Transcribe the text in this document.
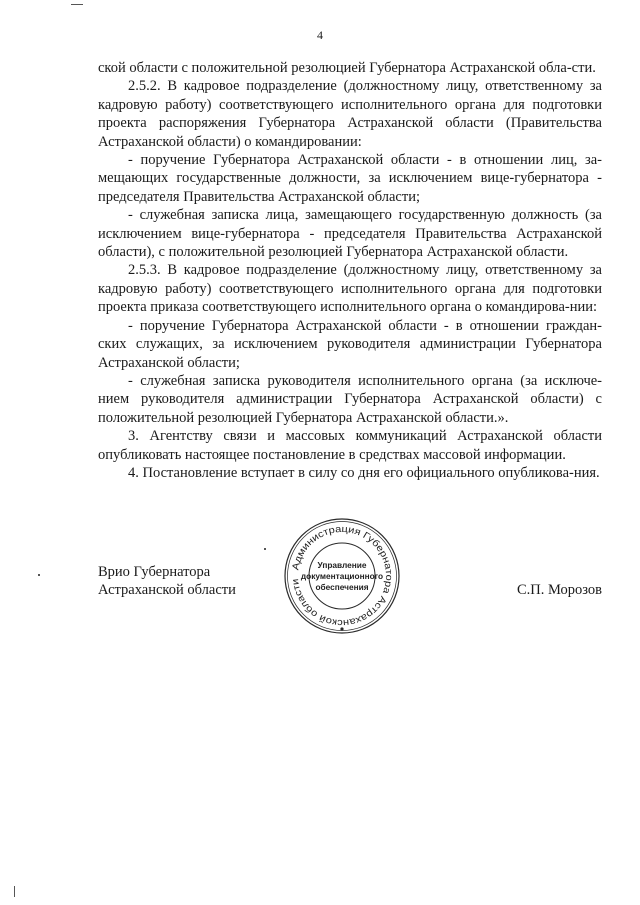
4

ской области с положительной резолюцией Губернатора Астраханской обла-сти.

2.5.2. В кадровое подразделение (должностному лицу, ответственному за кадровую работу) соответствующего исполнительного органа для подготовки проекта распоряжения Губернатора Астраханской области (Правительства Астраханской области) о командировании:

- поручение Губернатора Астраханской области - в отношении лиц, за-мещающих государственные должности, за исключением вице-губернатора - председателя Правительства Астраханской области;

- служебная записка лица, замещающего государственную должность (за исключением вице-губернатора - председателя Правительства Астраханской области), с положительной резолюцией Губернатора Астраханской области.

2.5.3. В кадровое подразделение (должностному лицу, ответственному за кадровую работу) соответствующего исполнительного органа для подготовки проекта приказа соответствующего исполнительного органа о командирова-нии:

- поручение Губернатора Астраханской области - в отношении граждан-ских служащих, за исключением руководителя администрации Губернатора Астраханской области;

- служебная записка руководителя исполнительного органа (за исключе-нием руководителя администрации Губернатора Астраханской области) с положительной резолюцией Губернатора Астраханской области.».

3. Агентству связи и массовых коммуникаций Астраханской области опубликовать настоящее постановление в средствах массовой информации.

4. Постановление вступает в силу со дня его официального опубликова-ния.

Врио Губернатора
Астраханской области	С.П. Морозов
Администрация Губернатора Астраханской области
Управление
документационного
обеспечения
